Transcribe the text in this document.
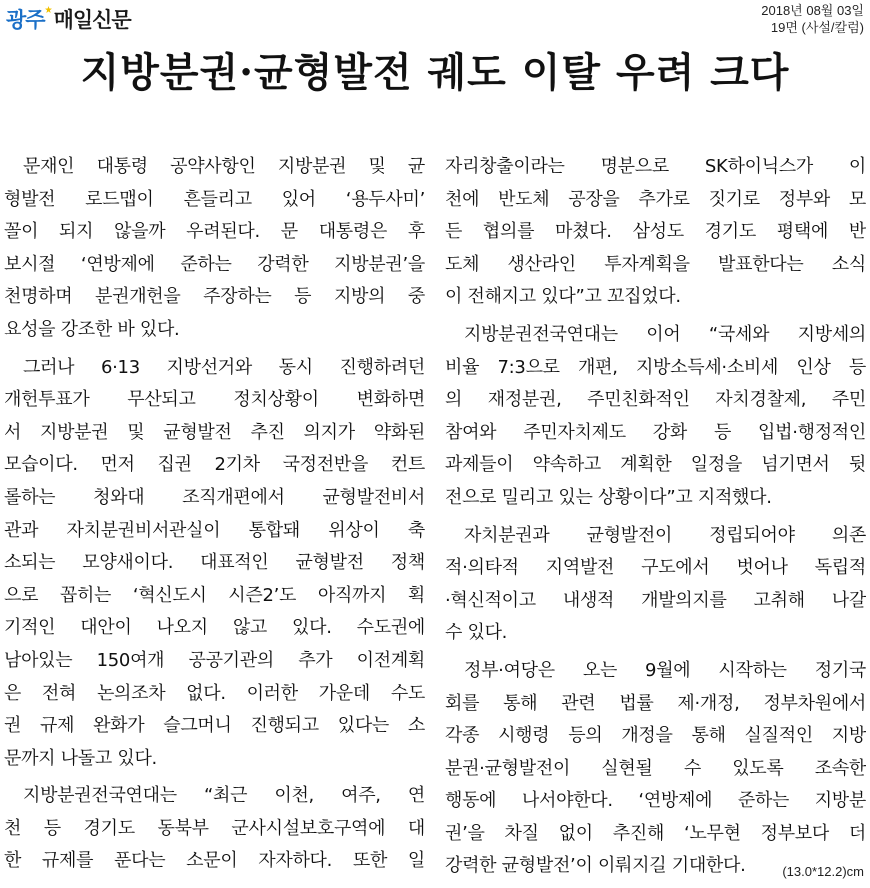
광주 매일신문	2018년 08월 03일
19면 (사설/칼럼)
지방분권·균형발전 궤도 이탈 우려 크다

문재인 대통령 공약사항인 지방분권 및 균
형발전 로드맵이 흔들리고 있어 ‘용두사미’
꼴이 되지 않을까 우려된다. 문 대통령은 후
보시절 ‘연방제에 준하는 강력한 지방분권’을
천명하며 분권개헌을 주장하는 등 지방의 중
요성을 강조한 바 있다.

그러나 6·13 지방선거와 동시 진행하려던
개헌투표가 무산되고 정치상황이 변화하면
서 지방분권 및 균형발전 추진 의지가 약화된
모습이다. 먼저 집권 2기차 국정전반을 컨트
롤하는 청와대 조직개편에서 균형발전비서
관과 자치분권비서관실이 통합돼 위상이 축
소되는 모양새이다. 대표적인 균형발전 정책
으로 꼽히는 ‘혁신도시 시즌2’도 아직까지 획
기적인 대안이 나오지 않고 있다. 수도권에
남아있는 150여개 공공기관의 추가 이전계획
은 전혀 논의조차 없다. 이러한 가운데 수도
권 규제 완화가 슬그머니 진행되고 있다는 소
문까지 나돌고 있다.

지방분권전국연대는 “최근 이천, 여주, 연
천 등 경기도 동북부 군사시설보호구역에 대
한 규제를 푼다는 소문이 자자하다. 또한 일

자리창출이라는 명분으로 SK하이닉스가 이
천에 반도체 공장을 추가로 짓기로 정부와 모
든 협의를 마쳤다. 삼성도 경기도 평택에 반
도체 생산라인 투자계획을 발표한다는 소식
이 전해지고 있다”고 꼬집었다.

지방분권전국연대는 이어 “국세와 지방세의
비율 7:3으로 개편, 지방소득세·소비세 인상 등
의 재정분권, 주민친화적인 자치경찰제, 주민
참여와 주민자치제도 강화 등 입법·행정적인
과제들이 약속하고 계획한 일정을 넘기면서 뒷
전으로 밀리고 있는 상황이다”고 지적했다.

자치분권과 균형발전이 정립되어야 의존
적·의타적 지역발전 구도에서 벗어나 독립적
·혁신적이고 내생적 개발의지를 고취해 나갈
수 있다.

정부·여당은 오는 9월에 시작하는 정기국
회를 통해 관련 법률 제·개정, 정부차원에서
각종 시행령 등의 개정을 통해 실질적인 지방
분권·균형발전이 실현될 수 있도록 조속한
행동에 나서야한다. ‘연방제에 준하는 지방분
권’을 차질 없이 추진해 ‘노무현 정부보다 더
강력한 균형발전’이 이뤄지길 기대한다.	(13.0*12.2)cm
